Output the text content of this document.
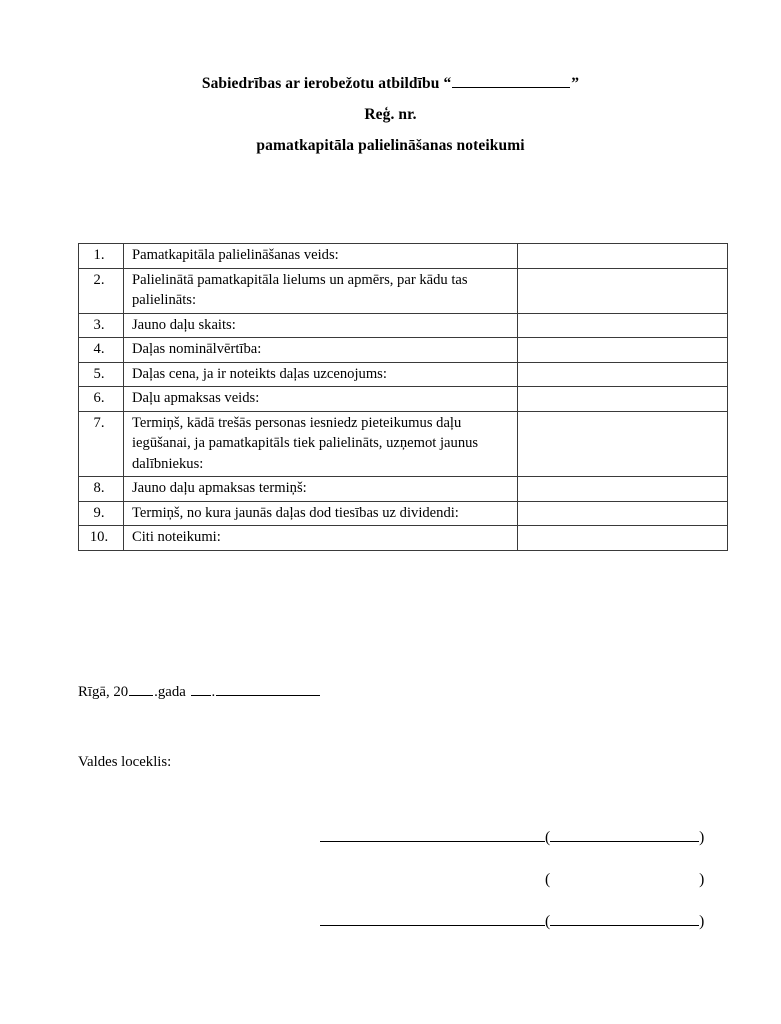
Sabiedrības ar ierobežotu atbildību “	”
Reģ. nr.
pamatkapitāla palielināšanas noteikumi
1.	Pamatkapitāla palielināšanas veids:	
2.	Palielinātā pamatkapitāla lielums un apmērs, par kādu tas palielināts:	
3.	Jauno daļu skaits:	
4.	Daļas nominālvērtība:	
5.	Daļas cena, ja ir noteikts daļas uzcenojums:	
6.	Daļu apmaksas veids:	
7.	Termiņš, kādā trešās personas iesniedz pieteikumus daļu iegūšanai, ja pamatkapitāls tiek palielināts, uzņemot jaunus dalībniekus:	
8.	Jauno daļu apmaksas termiņš:	
9.	Termiņš, no kura jaunās daļas dod tiesības uz dividendi:	
10.	Citi noteikumi:	
Rīgā, 20 .gada .
Valdes loceklis:
(	)
(	)
(	)
